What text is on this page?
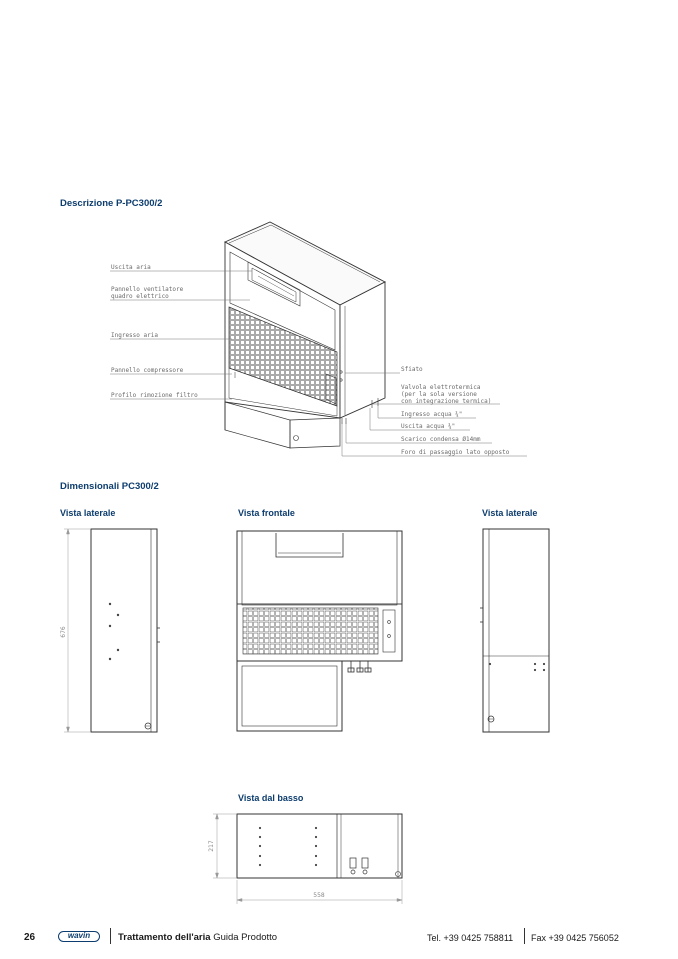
Descrizione P-PC300/2
Dimensionali PC300/2
Vista laterale	Vista frontale	Vista laterale
Vista dal basso
Uscita aria
Pannello ventilatore
quadro elettrico
Ingresso aria
Pannello compressore
Profilo rimozione filtro
Sfiato
Valvola elettrotermica
(per la sola versione
con integrazione termica)
Ingresso acqua ¾"
Uscita acqua ¾"
Scarico condensa Ø14mm
Foro di passaggio lato opposto
676
217
558
26	wavin	Trattamento dell'aria Guida Prodotto	Tel. +39 0425 758811 Fax +39 0425 756052
